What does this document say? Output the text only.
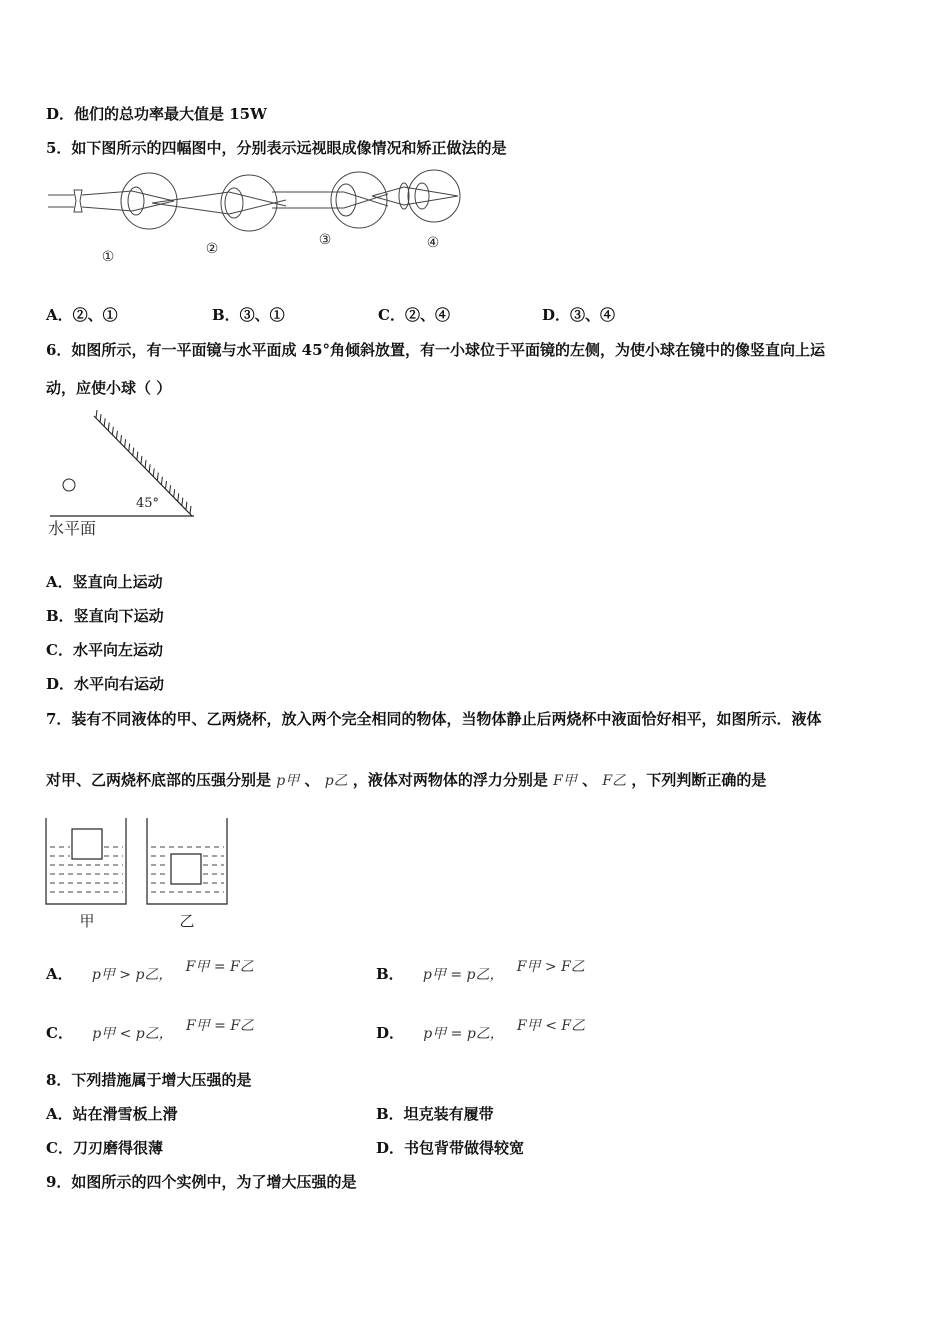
D．他们的总功率最大值是 15W
5．如下图所示的四幅图中，分别表示远视眼成像情况和矫正做法的是
①	②
③	④
A．②、①	B．③、①	C．②、④	D．③、④
6．如图所示，有一平面镜与水平面成 45°角倾斜放置，有一小球位于平面镜的左侧，为使小球在镜中的像竖直向上运
动，应使小球（ ）
45°
水平面
A．竖直向上运动
B．竖直向下运动
C．水平向左运动
D．水平向右运动
7．装有不同液体的甲、乙两烧杯，放入两个完全相同的物体，当物体静止后两烧杯中液面恰好相平，如图所示．液体
对甲、乙两烧杯底部的压强分别是 p甲 、 p乙 ，液体对两物体的浮力分别是 F甲 、 F乙 ，下列判断正确的是
甲	乙
A． p甲 > p乙， F甲 = F乙	B． p甲 = p乙， F甲 > F乙
C． p甲 < p乙， F甲 = F乙	D． p甲 = p乙， F甲 < F乙
8．下列措施属于增大压强的是
A．站在滑雪板上滑	B．坦克装有履带
C．刀刃磨得很薄	D．书包背带做得较宽
9．如图所示的四个实例中，为了增大压强的是
